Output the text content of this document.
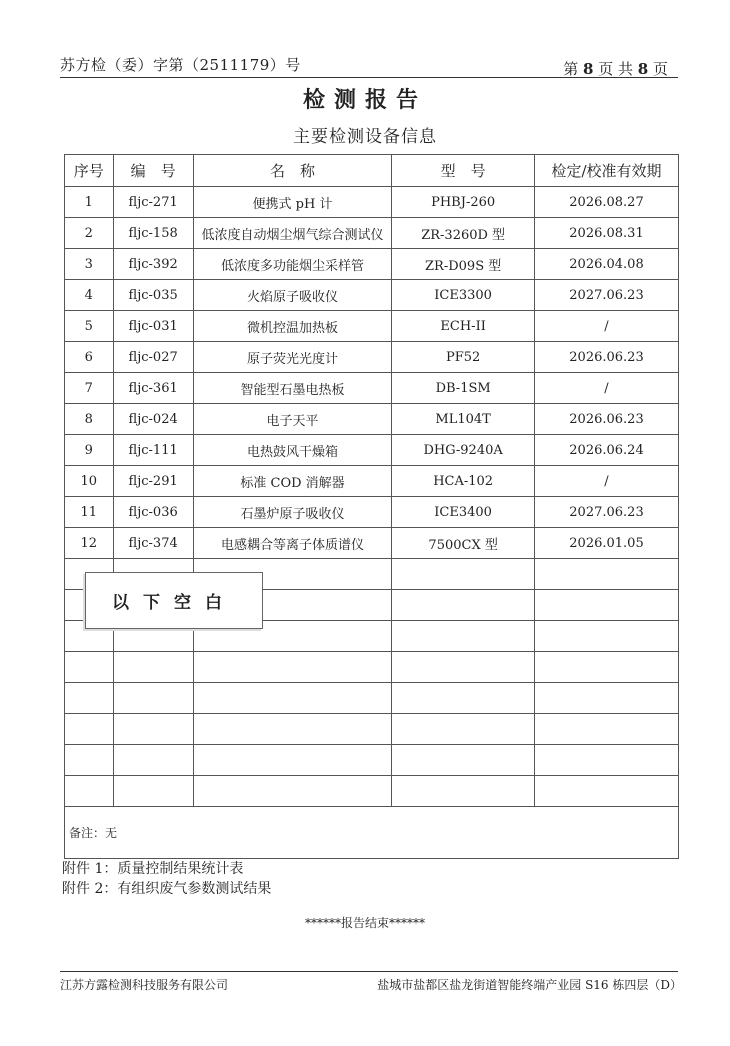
苏方检（委）字第（2511179）号	第 8 页 共 8 页
检测报告
主要检测设备信息
序号	编　号	名　称	型　号	检定/校准有效期
1	fljc-271	便携式 pH 计	PHBJ-260	2026.08.27
2	fljc-158	低浓度自动烟尘烟气综合测试仪	ZR-3260D 型	2026.08.31
3	fljc-392	低浓度多功能烟尘采样管	ZR-D09S 型	2026.04.08
4	fljc-035	火焰原子吸收仪	ICE3300	2027.06.23
5	fljc-031	微机控温加热板	ECH-II	/
6	fljc-027	原子荧光光度计	PF52	2026.06.23
7	fljc-361	智能型石墨电热板	DB-1SM	/
8	fljc-024	电子天平	ML104T	2026.06.23
9	fljc-111	电热鼓风干燥箱	DHG-9240A	2026.06.24
10	fljc-291	标准 COD 消解器	HCA-102	/
11	fljc-036	石墨炉原子吸收仪	ICE3400	2027.06.23
12	fljc-374	电感耦合等离子体质谱仪	7500CX 型	2026.01.05

备注：无				
以下空白
附件 1：质量控制结果统计表
附件 2：有组织废气参数测试结果
******报告结束******
江苏方露检测科技服务有限公司	盐城市盐都区盐龙街道智能终端产业园 S16 栋四层（D）
